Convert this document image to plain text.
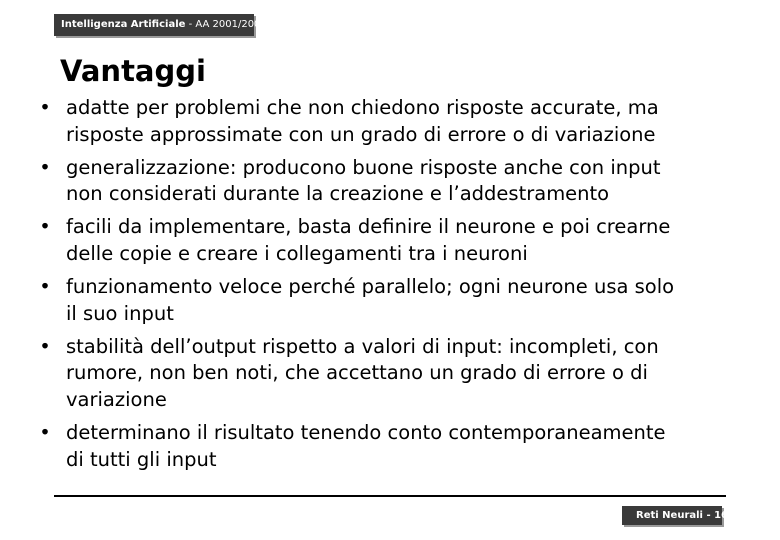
Intelligenza Artificiale - AA 2001/2002
Vantaggi
• adatte per problemi che non chiedono risposte accurate, ma
risposte approssimate con un grado di errore o di variazione
• generalizzazione: producono buone risposte anche con input
non considerati durante la creazione e l’addestramento
• facili da implementare, basta definire il neurone e poi crearne
delle copie e creare i collegamenti tra i neuroni
• funzionamento veloce perché parallelo; ogni neurone usa solo
il suo input
• stabilità dell’output rispetto a valori di input: incompleti, con
rumore, non ben noti, che accettano un grado di errore o di
variazione
• determinano il risultato tenendo conto contemporaneamente
di tutti gli input
Reti Neurali - 16
